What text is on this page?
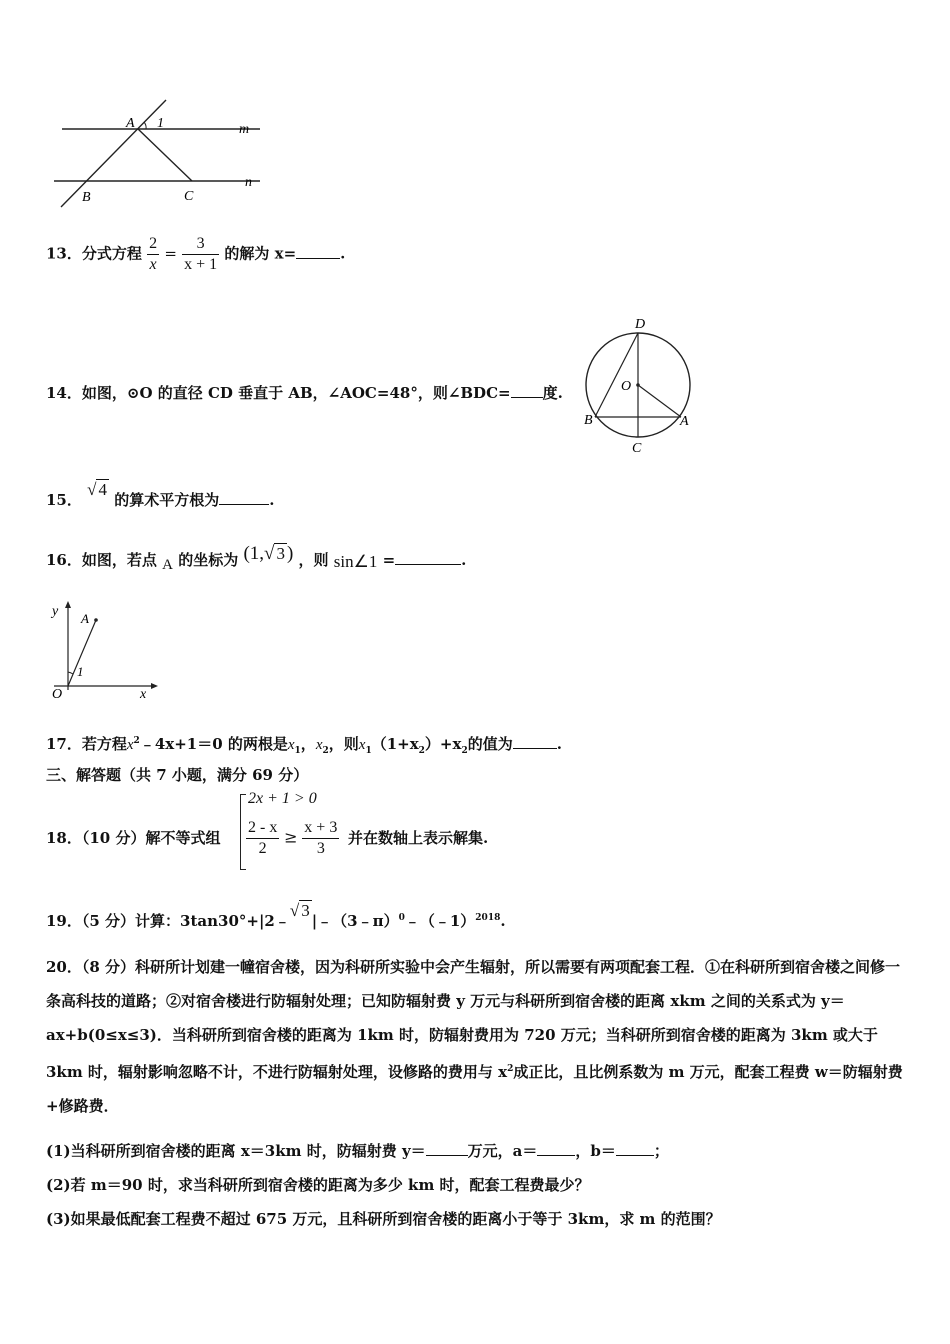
A 1	m
n
B	C
13．分式方程 $\frac{2}{x} = \frac{3}{x + 1}$ 的解为 x=	.
14．如图，⊙O 的直径 CD 垂直于 AB，∠AOC=48°，则∠BDC= 度.
D
O
B	A
C
15． √ 4 的算术平方根为	.
16．如图，若点 A 的坐标为 (1,√ 3 ) ，则 sin∠1 =	.
y A
1
O	x
17．若方程$x^2﹣4x+1=0$ 的两根是$x_1$，$x_2$，则$x_1(1+x_2)+x_2$的值为	.
三、解答题（共 7 小题，满分 69 分）
18．（10 分）解不等式组
2x + 1 > 0
$\frac{2 - x}{2} \ge \frac{x + 3}{3}$ 并在数轴上表示解集.
19．（5 分）计算：3tan30°+|2﹣√ 3|﹣（3﹣π）$^0$﹣（﹣1）$^{2018}$.
20．（8 分）科研所计划建一幢宿舍楼，因为科研所实验中会产生辐射，所以需要有两项配套工程．①在科研所到宿舍楼之间修一条高科技的道路；②对宿舍楼进行防辐射处理；已知防辐射费 y 万元与科研所到宿舍楼的距离 xkm 之间的关系式为 y＝ax+b(0≤x≤3)．当科研所到宿舍楼的距离为 1km 时，防辐射费用为 720 万元；当科研所到宿舍楼的距离为 3km 或大于 3km 时，辐射影响忽略不计，不进行防辐射处理，设修路的费用与 $x^2$成正比，且比例系数为 m 万元，配套工程费 w＝防辐射费+修路费．
(1)当科研所到宿舍楼的距离 x＝3km 时，防辐射费 y＝	万元，a＝	，b＝	；
(2)若 m＝90 时，求当科研所到宿舍楼的距离为多少 km 时，配套工程费最少？
(3)如果最低配套工程费不超过 675 万元，且科研所到宿舍楼的距离小于等于 3km，求 m 的范围？
